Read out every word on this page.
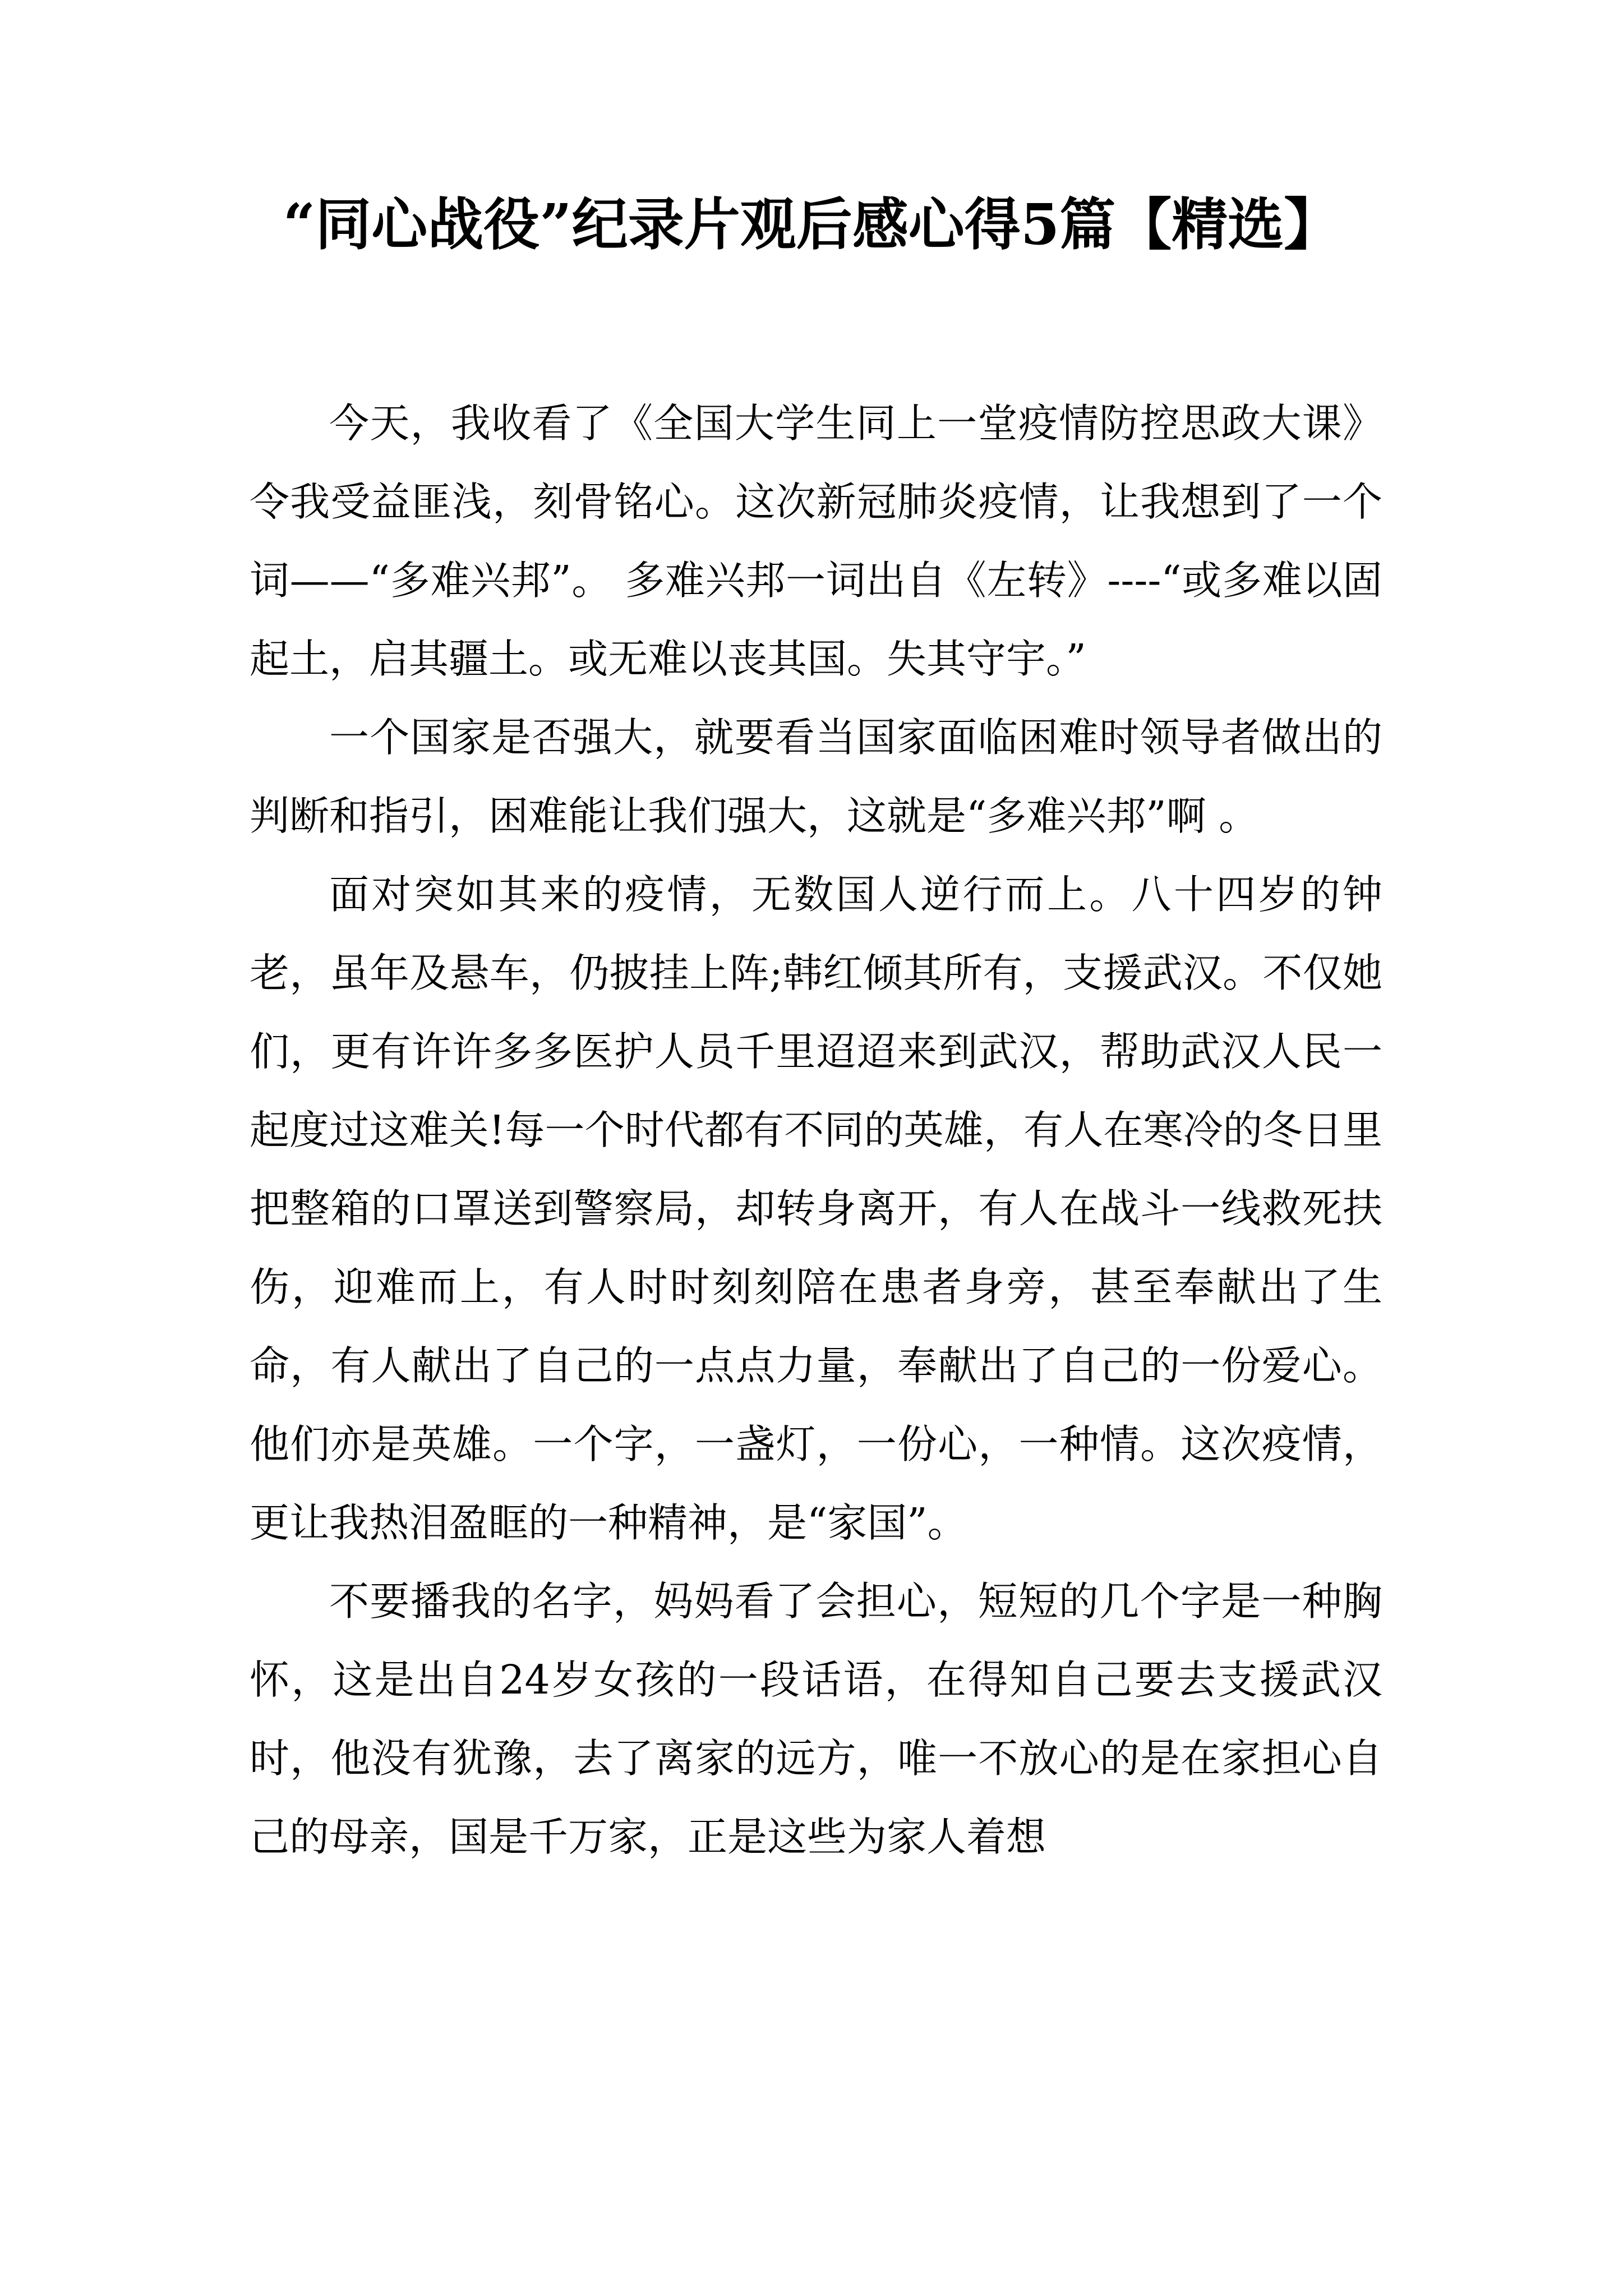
“同心战役”纪录片观后感心得5篇【精选】

今天，我收看了《全国大学生同上一堂疫情防控思政大课》令我受益匪浅，刻骨铭心。这次新冠肺炎疫情，让我想到了一个词——“多难兴邦”。 多难兴邦一词出自《左转》----“或多难以固起土，启其疆土。或无难以丧其国。失其守宇。”

一个国家是否强大，就要看当国家面临困难时领导者做出的判断和指引，困难能让我们强大，这就是“多难兴邦”啊 。

面对突如其来的疫情，无数国人逆行而上。八十四岁的钟老，虽年及悬车，仍披挂上阵;韩红倾其所有，支援武汉。不仅她们，更有许许多多医护人员千里迢迢来到武汉，帮助武汉人民一起度过这难关!每一个时代都有不同的英雄，有人在寒冷的冬日里把整箱的口罩送到警察局，却转身离开，有人在战斗一线救死扶伤，迎难而上，有人时时刻刻陪在患者身旁，甚至奉献出了生命，有人献出了自己的一点点力量，奉献出了自己的一份爱心。他们亦是英雄。一个字，一盏灯，一份心，一种情。这次疫情，更让我热泪盈眶的一种精神，是“家国”。

不要播我的名字，妈妈看了会担心，短短的几个字是一种胸怀，这是出自24岁女孩的一段话语，在得知自己要去支援武汉时，他没有犹豫，去了离家的远方，唯一不放心的是在家担心自己的母亲，国是千万家，正是这些为家人着想
